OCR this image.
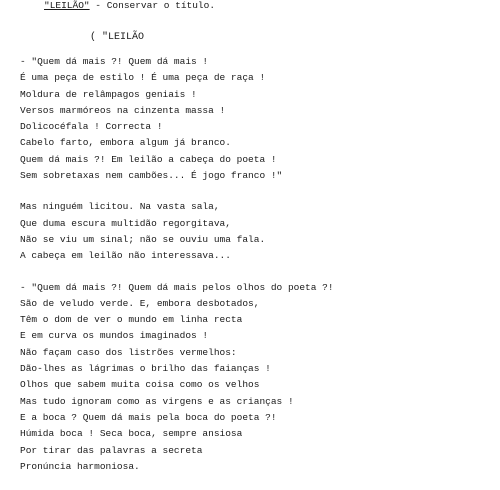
"LEILÃO" - Conservar o título.
( "LEILÃO
- "Quem dá mais ?! Quem dá mais !
É uma peça de estilo ! É uma peça de raça !
Moldura de relâmpagos geniais !
Versos marmóreos na cinzenta massa !
Dolicocéfala ! Correcta !
Cabelo farto, embora algum já branco.
Quem dá mais ?! Em leilão a cabeça do poeta !
Sem sobretaxas nem cambões... É jogo franco !"
Mas ninguém licitou. Na vasta sala,
Que duma escura multidão regorgitava,
Não se viu um sinal; não se ouviu uma fala.
A cabeça em leilão não interessava...
- "Quem dá mais ?! Quem dá mais pelos olhos do poeta ?!
São de veludo verde. E, embora desbotados,
Têm o dom de ver o mundo em linha recta
E em curva os mundos imaginados !
Não façam caso dos listrões vermelhos:
Dão-lhes as lágrimas o brilho das faianças !
Olhos que sabem muita coisa como os velhos
Mas tudo ignoram como as virgens e as crianças !
E a boca ? Quem dá mais pela boca do poeta ?!
Húmida boca ! Seca boca, sempre ansiosa
Por tirar das palavras a secreta
Pronúncia harmoniosa.
